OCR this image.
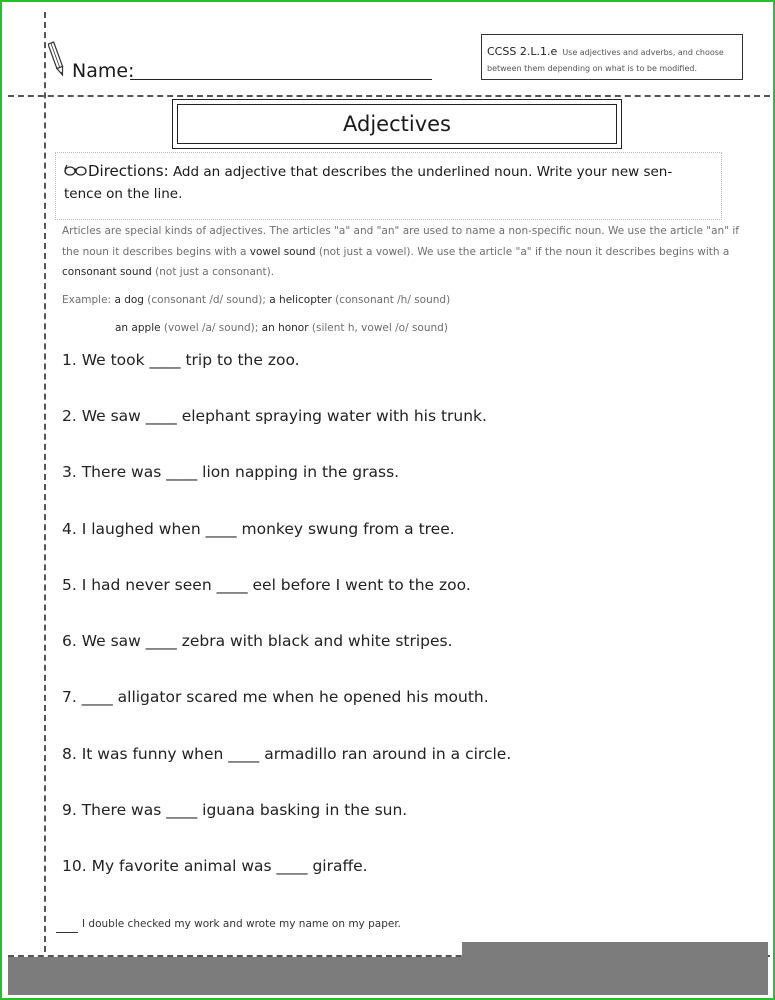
Name:
CCSS 2.L.1.e Use adjectives and adverbs, and choose
between them depending on what is to be modified.
Adjectives
Directions: Add an adjective that describes the underlined noun. Write your new sen-
tence on the line.
Articles are special kinds of adjectives. The articles "a" and "an" are used to name a non-specific noun. We use the article "an" if
the noun it describes begins with a vowel sound (not just a vowel). We use the article "a" if the noun it describes begins with a
consonant sound (not just a consonant).
Example: a dog (consonant /d/ sound); a helicopter (consonant /h/ sound)
an apple (vowel /a/ sound); an honor (silent h, vowel /o/ sound)
1. We took ____ trip to the zoo.
2. We saw ____ elephant spraying water with his trunk.
3. There was ____ lion napping in the grass.
4. I laughed when ____ monkey swung from a tree.
5. I had never seen ____ eel before I went to the zoo.
6. We saw ____ zebra with black and white stripes.
7. ____ alligator scared me when he opened his mouth.
8. It was funny when ____ armadillo ran around in a circle.
9. There was ____ iguana basking in the sun.
10. My favorite animal was ____ giraffe.
I double checked my work and wrote my name on my paper.
